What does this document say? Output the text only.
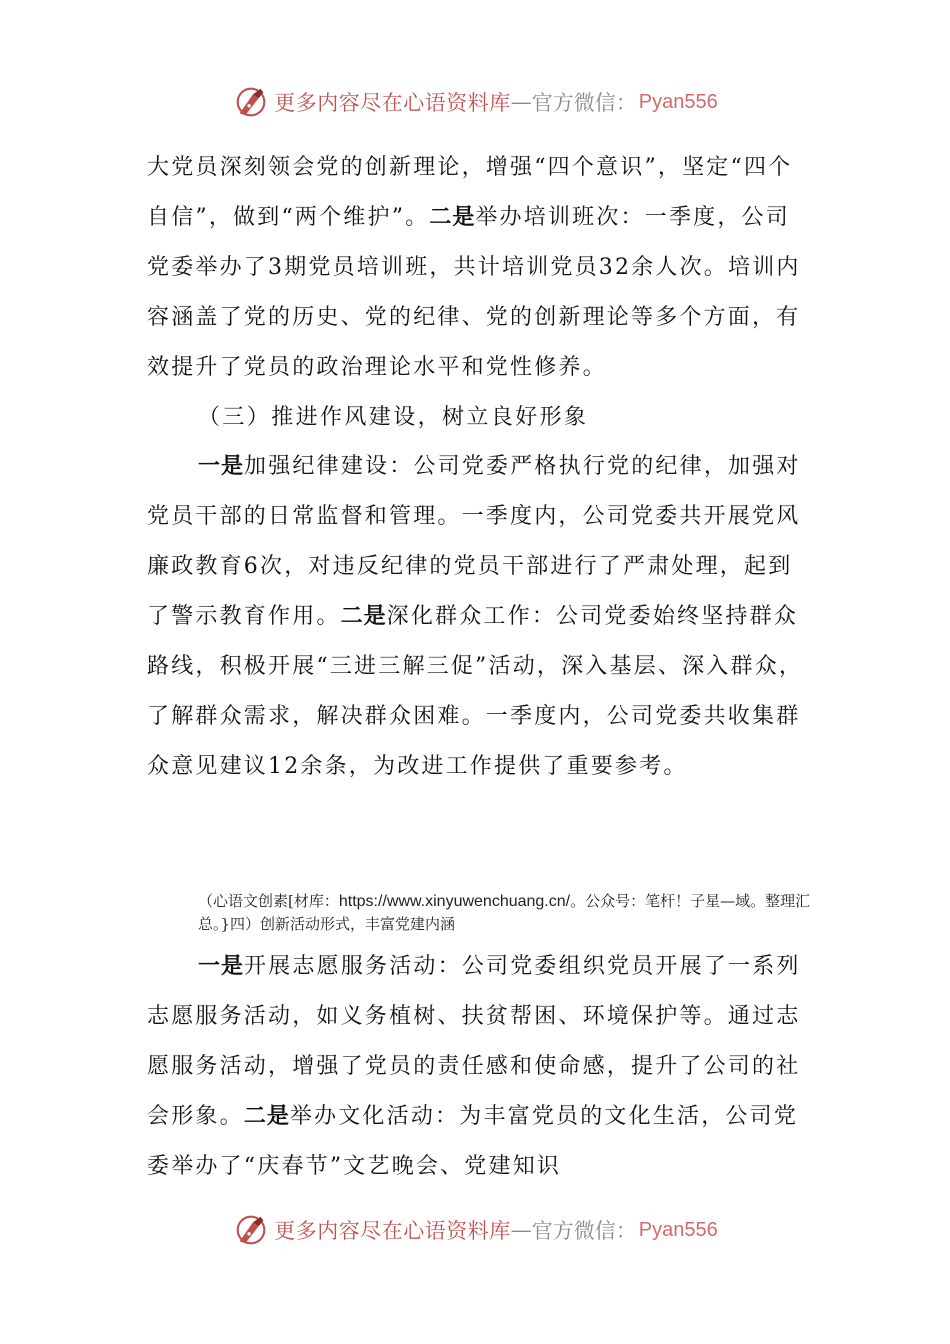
更多内容尽在心语资料库 — 官方微信： Pyan556

大党员深刻领会党的创新理论，增强“四个意识”，坚定“四个自信”，做到“两个维护”。二是举办培训班次：一季度，公司党委举办了3期党员培训班，共计培训党员32余人次。培训内容涵盖了党的历史、党的纪律、党的创新理论等多个方面，有效提升了党员的政治理论水平和党性修养。

（三）推进作风建设，树立良好形象

一是加强纪律建设：公司党委严格执行党的纪律，加强对党员干部的日常监督和管理。一季度内，公司党委共开展党风廉政教育6次，对违反纪律的党员干部进行了严肃处理，起到了警示教育作用。二是深化群众工作：公司党委始终坚持群众路线，积极开展“三进三解三促”活动，深入基层、深入群众，了解群众需求，解决群众困难。一季度内，公司党委共收集群众意见建议12余条，为改进工作提供了重要参考。

（心语文创素[材库：https://www.xinyuwenchuang.cn/。公众号：笔杆！子星—域。整理汇总。}四）创新活动形式，丰富党建内涵

一是开展志愿服务活动：公司党委组织党员开展了一系列志愿服务活动，如义务植树、扶贫帮困、环境保护等。通过志愿服务活动，增强了党员的责任感和使命感，提升了公司的社会形象。二是举办文化活动：为丰富党员的文化生活，公司党委举办了“庆春节”文艺晚会、党建知识

更多内容尽在心语资料库 — 官方微信： Pyan556
